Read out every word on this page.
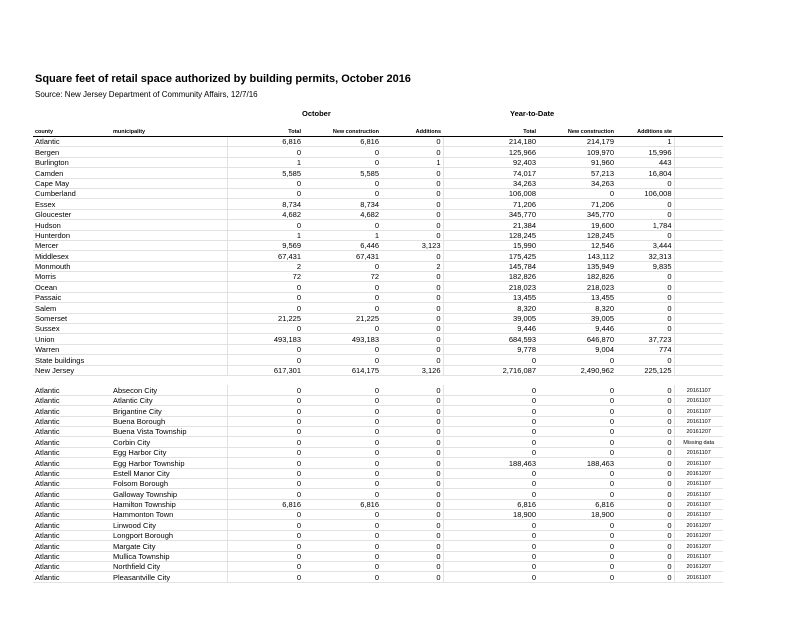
Square feet of retail space authorized by building permits, October 2016
Source: New Jersey Department of Community Affairs, 12/7/16
October	Year-to-Date
county	municipality	Total	New construction	Additions		Total	New construction	Additions ste	
Atlantic		6,816	6,816	0		214,180	214,179	1	
Bergen		0	0	0		125,966	109,970	15,996	
Burlington		1	0	1		92,403	91,960	443	
Camden		5,585	5,585	0		74,017	57,213	16,804	
Cape May		0	0	0		34,263	34,263	0	
Cumberland		0	0	0		106,008	0	106,008	
Essex		8,734	8,734	0		71,206	71,206	0	
Gloucester		4,682	4,682	0		345,770	345,770	0	
Hudson		0	0	0		21,384	19,600	1,784	
Hunterdon		1	1	0		128,245	128,245	0	
Mercer		9,569	6,446	3,123		15,990	12,546	3,444	
Middlesex		67,431	67,431	0		175,425	143,112	32,313	
Monmouth		2	0	2		145,784	135,949	9,835	
Morris		72	72	0		182,826	182,826	0	
Ocean		0	0	0		218,023	218,023	0	
Passaic		0	0	0		13,455	13,455	0	
Salem		0	0	0		8,320	8,320	0	
Somerset		21,225	21,225	0		39,005	39,005	0	
Sussex		0	0	0		9,446	9,446	0	
Union		493,183	493,183	0		684,593	646,870	37,723	
Warren		0	0	0		9,778	9,004	774	
State buildings		0	0	0		0	0	0	
New Jersey		617,301	614,175	3,126		2,716,087	2,490,962	225,125	

Atlantic	Absecon City	0	0	0		0	0	0	20161107
Atlantic	Atlantic City	0	0	0		0	0	0	20161107
Atlantic	Brigantine City	0	0	0		0	0	0	20161107
Atlantic	Buena Borough	0	0	0		0	0	0	20161107
Atlantic	Buena Vista Township	0	0	0		0	0	0	20161207
Atlantic	Corbin City	0	0	0		0	0	0	Missing data
Atlantic	Egg Harbor City	0	0	0		0	0	0	20161107
Atlantic	Egg Harbor Township	0	0	0		188,463	188,463	0	20161107
Atlantic	Estell Manor City	0	0	0		0	0	0	20161207
Atlantic	Folsom Borough	0	0	0		0	0	0	20161107
Atlantic	Galloway Township	0	0	0		0	0	0	20161107
Atlantic	Hamilton Township	6,816	6,816	0		6,816	6,816	0	20161107
Atlantic	Hammonton Town	0	0	0		18,900	18,900	0	20161107
Atlantic	Linwood City	0	0	0		0	0	0	20161207
Atlantic	Longport Borough	0	0	0		0	0	0	20161207
Atlantic	Margate City	0	0	0		0	0	0	20161207
Atlantic	Mullica Township	0	0	0		0	0	0	20161107
Atlantic	Northfield City	0	0	0		0	0	0	20161207
Atlantic	Pleasantville City	0	0	0		0	0	0	20161107
